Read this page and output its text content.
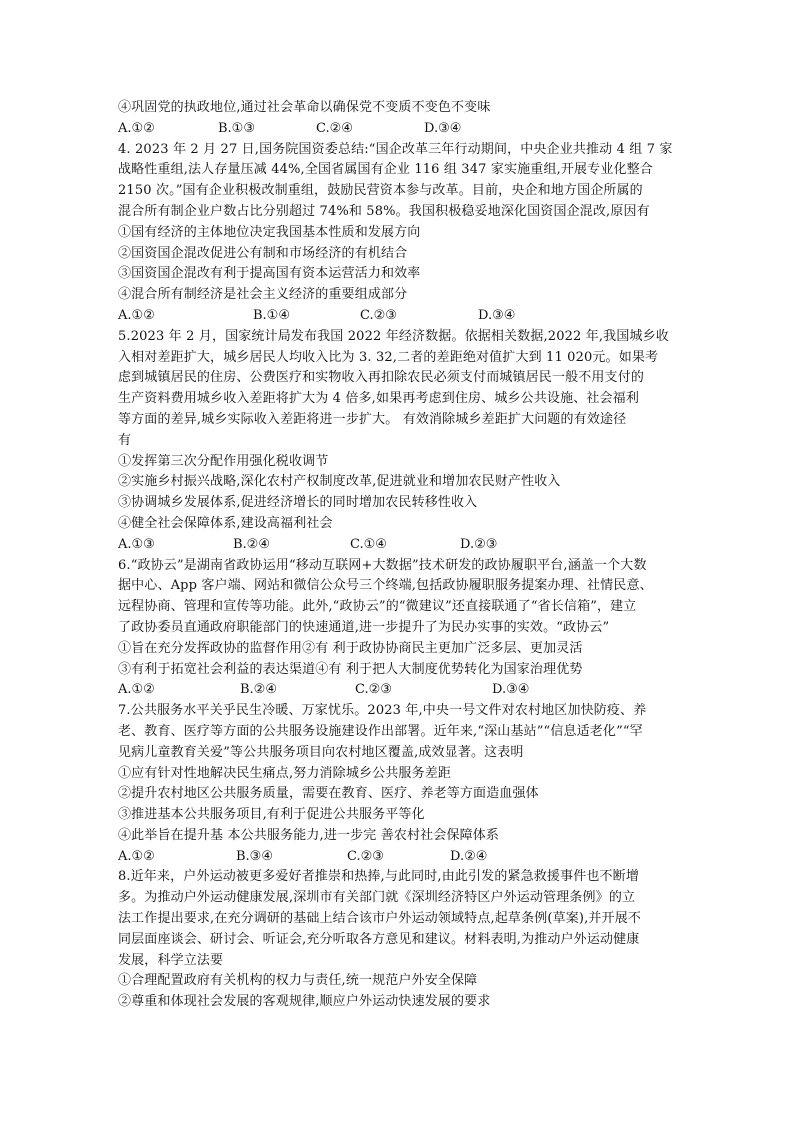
④巩固党的执政地位,通过社会革命以确保党不变质不变色不变味
A.①②	B.①③	C.②④	D.③④
4. 2023 年 2 月 27 日,国务院国资委总结:“国企改革三年行动期间，中央企业共推动 4 组 7 家
战略性重组,法人存量压减 44%,全国省属国有企业 116 组 347 家实施重组,开展专业化整合
2150 次。”国有企业积极改制重组，鼓励民营资本参与改革。目前，央企和地方国企所属的
混合所有制企业户数占比分别超过 74%和 58%。我国积极稳妥地深化国资国企混改,原因有
①国有经济的主体地位决定我国基本性质和发展方向
②国资国企混改促进公有制和市场经济的有机结合
③国资国企混改有利于提高国有资本运营活力和效率
④混合所有制经济是社会主义经济的重要组成部分
A.①②	B.①④	C.②③	D.③④
5.2023 年 2 月，国家统计局发布我国 2022 年经济数据。依据相关数据,2022 年,我国城乡收
入相对差距扩大，城乡居民人均收入比为 3. 32,二者的差距绝对值扩大到 11 020元。如果考
虑到城镇居民的住房、公费医疗和实物收入再扣除农民必须支付而城镇居民一般不用支付的
生产资料费用城乡收入差距将扩大为 4 倍多,如果再考虑到住房、城乡公共设施、社会福利
等方面的差异,城乡实际收入差距将进一步扩大。 有效消除城乡差距扩大问题的有效途径
有
①发挥第三次分配作用强化税收调节
②实施乡村振兴战略,深化农村产权制度改革,促进就业和增加农民财产性收入
③协调城乡发展体系,促进经济增长的同时增加农民转移性收入
④健全社会保障体系,建设高福利社会
A.①③	B.②④	C.①④	D.②③
6.“政协云”是湖南省政协运用“移动互联网+大数据”技术研发的政协履职平台,涵盖一个大数
据中心、App 客户端、网站和微信公众号三个终端,包括政协履职服务提案办理、社情民意、
远程协商、管理和宣传等功能。此外,“政协云”的“微建议”还直接联通了“省长信箱”，建立
了政协委员直通政府职能部门的快速通道,进一步提升了为民办实事的实效。“政协云”
①旨在充分发挥政协的监督作用②有 利于政协协商民主更加广泛多层、更加灵活
③有利于拓宽社会利益的表达渠道④有 利于把人大制度优势转化为国家治理优势
A.①②	B.②④	C.②③	D.③④
7.公共服务水平关乎民生冷暖、万家忧乐。2023 年,中央一号文件对农村地区加快防疫、养
老、教育、医疗等方面的公共服务设施建设作出部署。近年来,“深山基站”“信息适老化”“罕
见病儿童教育关爱”等公共服务项目向农村地区覆盖,成效显著。这表明
①应有针对性地解决民生痛点,努力消除城乡公共服务差距
②提升农村地区公共服务质量，需要在教育、医疗、养老等方面造血强体
③推进基本公共服务项目,有利于促进公共服务平等化
④此举旨在提升基 本公共服务能力,进一步完 善农村社会保障体系
A.①②	B.③④	C.②③	D.②④
8.近年来，户外运动被更多爱好者推崇和热捧,与此同时,由此引发的紧急救援事件也不断增
多。为推动户外运动健康发展,深圳市有关部门就《深圳经济特区户外运动管理条例》的立
法工作提出要求,在充分调研的基础上结合该市户外运动领域特点,起草条例(草案),并开展不
同层面座谈会、研讨会、听证会,充分听取各方意见和建议。材料表明,为推动户外运动健康
发展，科学立法要
①合理配置政府有关机构的权力与责任,统一规范户外安全保障
②尊重和体现社会发展的客观规律,顺应户外运动快速发展的要求
